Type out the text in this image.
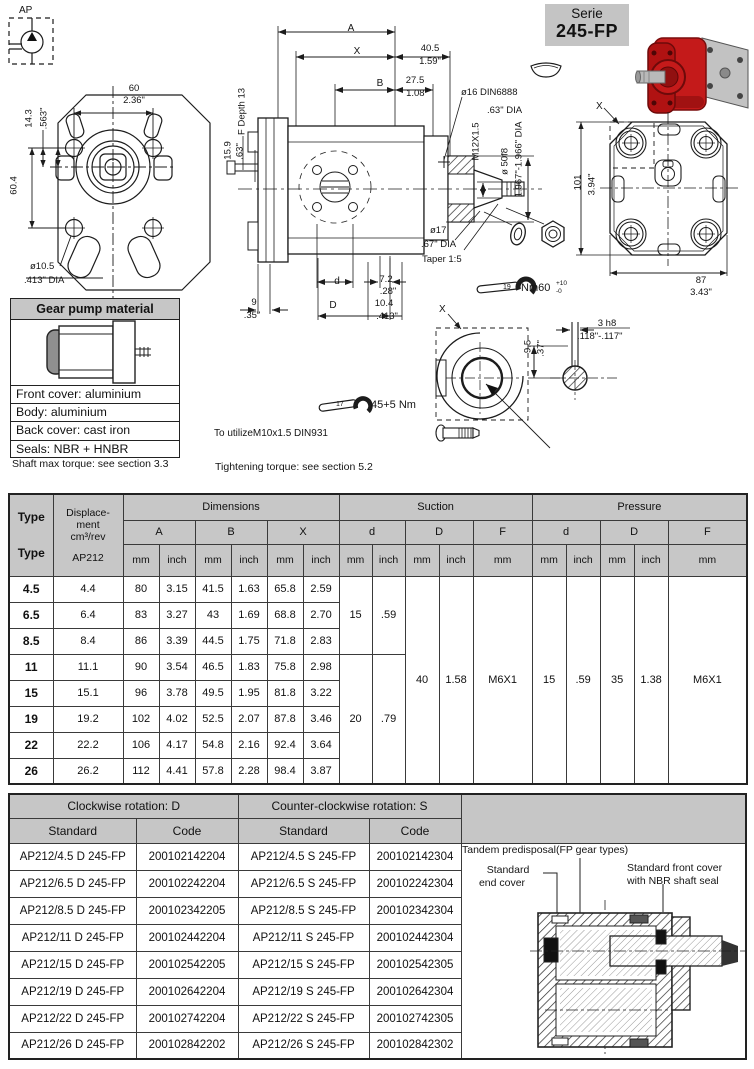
AP	Serie
245-FP
60
2.36"
14.3 .563"
60.4
ø10.5
.413" DIA
A
X	40.5
1.59"
B	27.5
1.08"	ø16 DIN6888
.63" DIA
M12X1.5
ø 50f8 1.967"-1.966" DIA
F Depth 13
15.9 .63"
ø17
.67" DIA
Taper 1:5
d
D
7.2
.28"
10.4
.413"
9
.35"
19 Nm60 +10
-0
X
101 3.94"
87
3.43"
X
17 45+5 Nm
To utilizeM10x1.5 DIN931
3 h8
.118"-.117"
9.5 .37"
Gear pump material
Front cover: aluminium
Body: aluminium
Back cover: cast iron
Seals: NBR + HNBR
Shaft max torque: see section 3.3	Tightening torque: see section 5.2
Type
Type

Displace-
ment
cm³/rev
AP212
	Dimensions	Suction	Pressure
		A		B		X		d		D		F	d		D		F
		mm	inch	mm	inch	mm	inch	mm	inch	mm	inch	mm	mm	inch	mm	inch	mm
4.5	4.4	80	3.15	41.5	1.63	65.8	2.59	15	.59	40	1.58	M6X1	15	.59	35	1.38	M6X1
6.5	6.4	83	3.27	43	1.69	68.8	2.70										
8.5	8.4	86	3.39	44.5	1.75	71.8	2.83										
11	11.1	90	3.54	46.5	1.83	75.8	2.98	20	.79								
15	15.1	96	3.78	49.5	1.95	81.8	3.22										
19	19.2	102	4.02	52.5	2.07	87.8	3.46										
22	22.2	106	4.17	54.8	2.16	92.4	3.64										
26	26.2	112	4.41	57.8	2.28	98.4	3.87										
Clockwise rotation: D		Counter-clockwise rotation: S		
Standard	Code	Standard	Code	
AP212/4.5 D 245-FP	200102142204	AP212/4.5 S 245-FP	200102142304	
AP212/6.5 D 245-FP	200102242204	AP212/6.5 S 245-FP	200102242304	
AP212/8.5 D 245-FP	200102342205	AP212/8.5 S 245-FP	200102342304	
AP212/11 D 245-FP	200102442204	AP212/11 S 245-FP	200102442304	
AP212/15 D 245-FP	200102542205	AP212/15 S 245-FP	200102542305	
AP212/19 D 245-FP	200102642204	AP212/19 S 245-FP	200102642304	
AP212/22 D 245-FP	200102742204	AP212/22 S 245-FP	200102742305	
AP212/26 D 245-FP	200102842202	AP212/26 S 245-FP	200102842302	
Tandem predisposal(FP gear types)
Standard
end cover
Standard front cover
with NBR shaft seal
